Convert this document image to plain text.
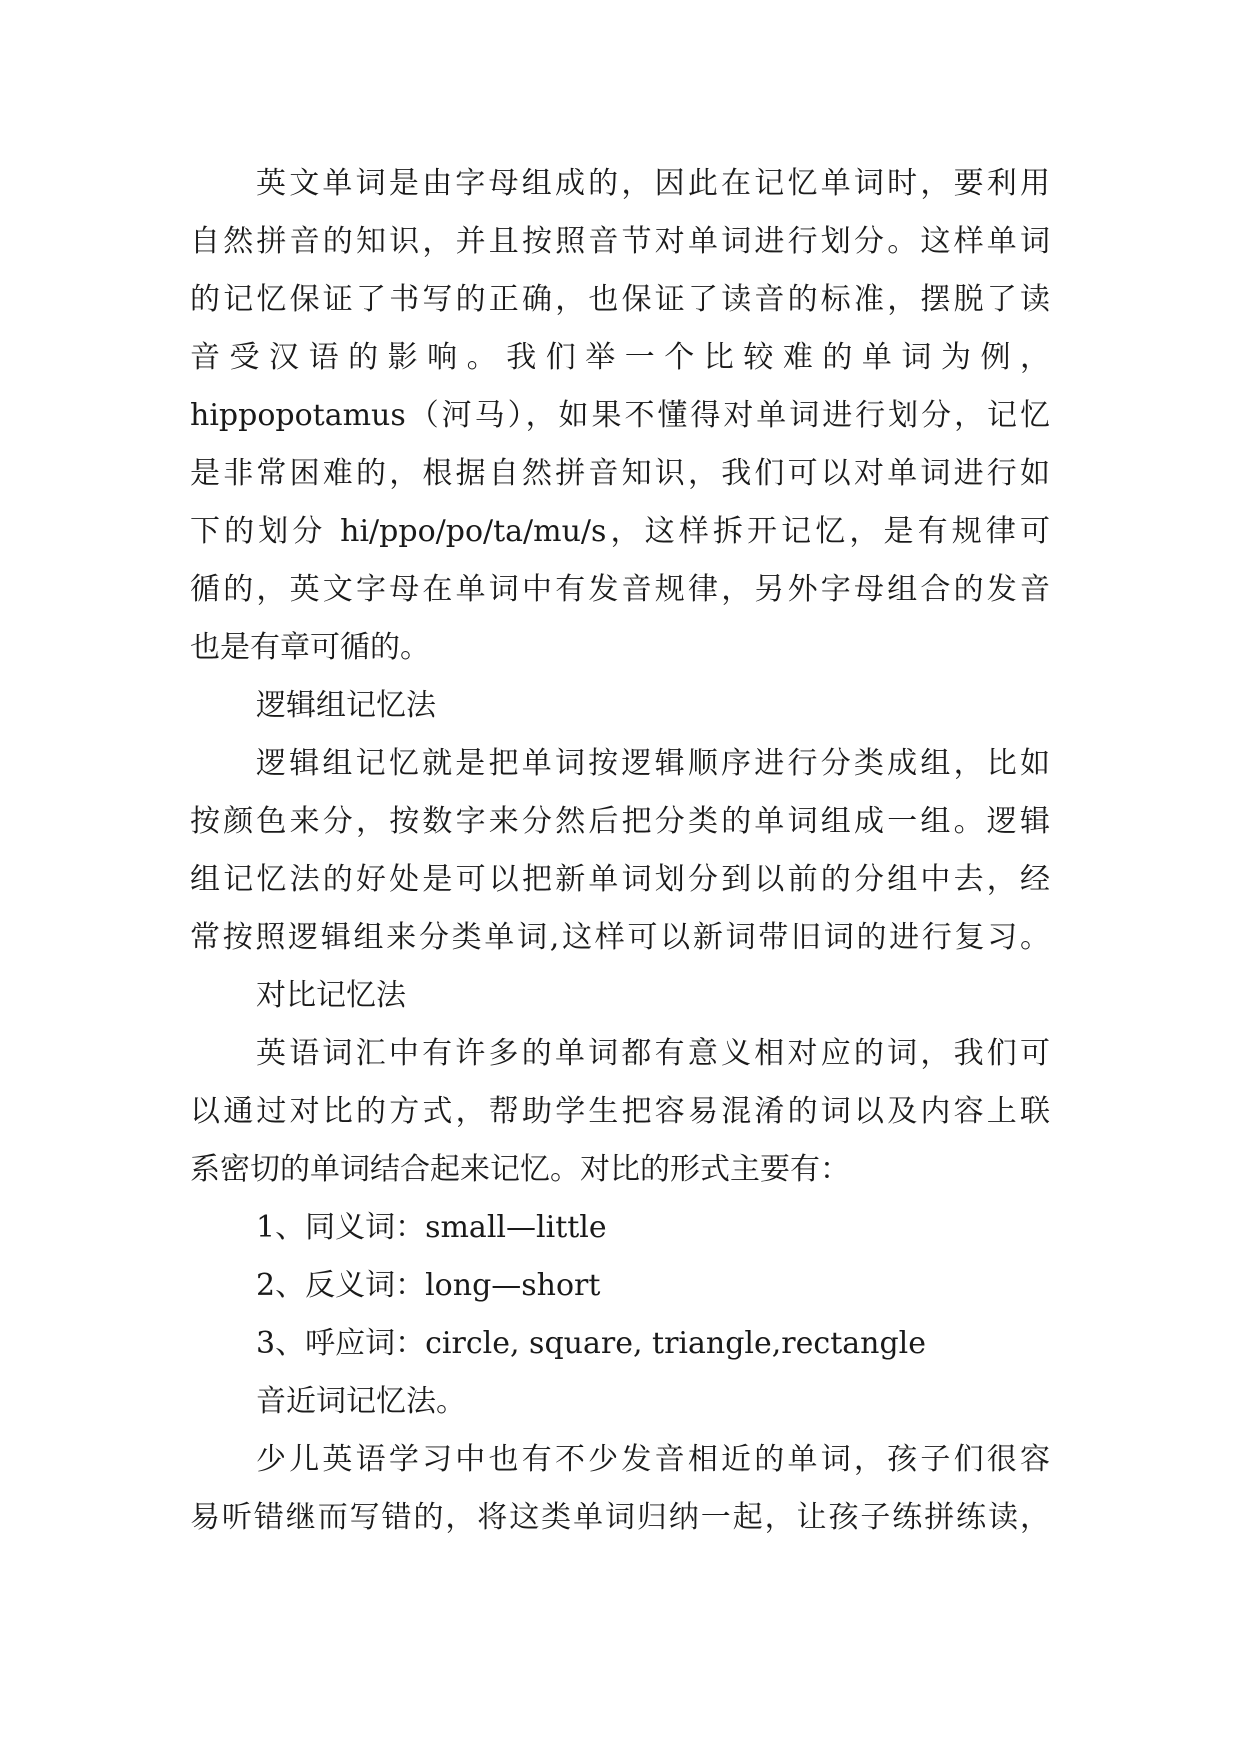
英文单词是由字母组成的，因此在记忆单词时，要利用
自然拼音的知识，并且按照音节对单词进行划分。这样单词
的记忆保证了书写的正确，也保证了读音的标准，摆脱了读
音受汉语的影响。我们举一个比较难的单词为例，
hippopotamus（河马），如果不懂得对单词进行划分，记忆
是非常困难的，根据自然拼音知识，我们可以对单词进行如
下的划分 hi/ppo/po/ta/mu/s，这样拆开记忆，是有规律可
循的，英文字母在单词中有发音规律，另外字母组合的发音
也是有章可循的。
逻辑组记忆法
逻辑组记忆就是把单词按逻辑顺序进行分类成组，比如
按颜色来分，按数字来分然后把分类的单词组成一组。逻辑
组记忆法的好处是可以把新单词划分到以前的分组中去，经
常按照逻辑组来分类单词,这样可以新词带旧词的进行复习。
对比记忆法
英语词汇中有许多的单词都有意义相对应的词，我们可
以通过对比的方式，帮助学生把容易混淆的词以及内容上联
系密切的单词结合起来记忆。对比的形式主要有：
1、同义词：small—little
2、反义词：long—short
3、呼应词：circle, square, triangle,rectangle
音近词记忆法。
少儿英语学习中也有不少发音相近的单词，孩子们很容
易听错继而写错的，将这类单词归纳一起，让孩子练拼练读，
